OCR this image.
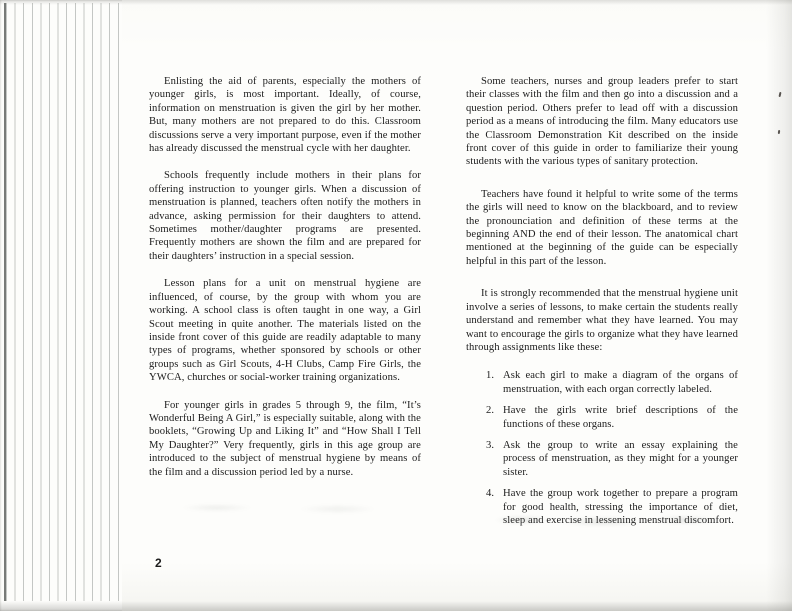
Enlisting the aid of parents, especially the mothers of younger girls, is most important. Ideally, of course, information on menstruation is given the girl by her mother. But, many mothers are not prepared to do this. Classroom discussions serve a very important purpose, even if the mother has already discussed the menstrual cycle with her daughter.

Schools frequently include mothers in their plans for offering instruction to younger girls. When a discussion of menstruation is planned, teachers often notify the mothers in advance, asking permission for their daughters to attend. Sometimes mother/daughter programs are presented. Frequently mothers are shown the film and are prepared for their daughters’ instruction in a special session.

Lesson plans for a unit on menstrual hygiene are influenced, of course, by the group with whom you are working. A school class is often taught in one way, a Girl Scout meeting in quite another. The materials listed on the inside front cover of this guide are readily adaptable to many types of programs, whether sponsored by schools or other groups such as Girl Scouts, 4-H Clubs, Camp Fire Girls, the YWCA, churches or social-worker training organizations.

For younger girls in grades 5 through 9, the film, “It’s Wonderful Being A Girl,” is especially suitable, along with the booklets, “Growing Up and Liking It” and “How Shall I Tell My Daughter?” Very frequently, girls in this age group are introduced to the subject of menstrual hygiene by means of the film and a discussion period led by a nurse.

Some teachers, nurses and group leaders prefer to start their classes with the film and then go into a discussion and a question period. Others prefer to lead off with a discussion period as a means of introducing the film. Many educators use the Classroom Demonstration Kit described on the inside front cover of this guide in order to familiarize their young students with the various types of sanitary protection.

Teachers have found it helpful to write some of the terms the girls will need to know on the blackboard, and to review the pronounciation and definition of these terms at the beginning AND the end of their lesson. The anatomical chart mentioned at the beginning of the guide can be especially helpful in this part of the lesson.

It is strongly recommended that the menstrual hygiene unit involve a series of lessons, to make certain the students really understand and remember what they have learned. You may want to encourage the girls to organize what they have learned through assignments like these:

1. Ask each girl to make a diagram of the organs of menstruation, with each organ correctly labeled.
2. Have the girls write brief descriptions of the functions of these organs.
3. Ask the group to write an essay explaining the process of menstruation, as they might for a younger sister.
4. Have the group work together to prepare a program for good health, stressing the importance of diet, sleep and exercise in lessening menstrual discomfort.
2
